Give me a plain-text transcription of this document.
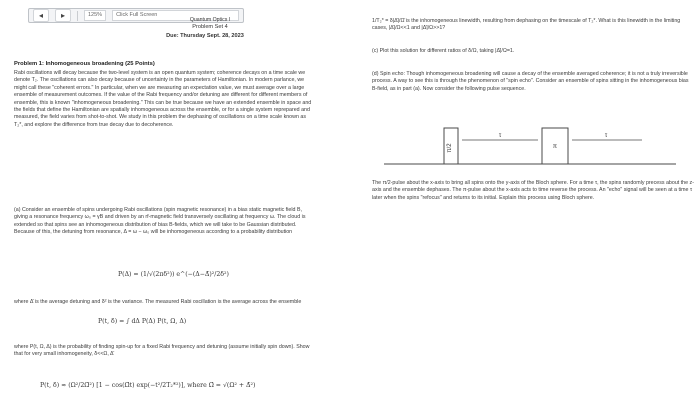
◂ ▸	125%	Click Full Screen
Quantum Optics I
Problem Set 4
Due: Thursday Sept. 28, 2023
Problem 1: Inhomogeneous broadening (25 Points)
Rabi oscillations will decay because the two-level system is an open quantum system; coherence decays on a time scale we denote T₂. The oscillations can also decay because of uncertainty in the parameters of Hamiltonian. In modern parlance, we might call these "coherent errors." In particular, when we are measuring an expectation value, we must average over a large ensemble of measurement outcomes. If the value of the Rabi frequency and/or detuning are different for different members of ensemble, this is known "inhomogeneous broadening." This can be true because we have an extended ensemble in space and the fields that define the Hamiltonian are spatially inhomogeneous across the ensemble, or for a single system reprepared and measured, the field varies from shot-to-shot. We study in this problem the dephasing of oscillations on a time scale known as T₂*, and explore the difference from true decay due to decoherence.
(a) Consider an ensemble of spins undergoing Rabi oscillations (spin magnetic resonance) in a bias static magnetic field B, giving a resonance frequency ω₀ = γB and driven by an rf-magnetic field transversely oscillating at frequency ω. The cloud is extended so that spins see an inhomogeneous distribution of bias B-fields, which we will take to be Gaussian distributed. Because of this, the detuning from resonance, Δ = ω − ω₀ will be inhomogeneous according to a probability distribution
P(Δ) = (1/√(2πδ²)) e^(−(Δ−Δ̄)²/2δ²)
where Δ̄ is the average detuning and δ² is the variance. The measured Rabi oscillation is the average across the ensemble
P(t, δ) = ∫ dΔ P(Δ) P(t, Ω, Δ)
where P(t, Ω, Δ) is the probability of finding spin-up for a fixed Rabi frequency and detuning (assume initially spin down). Show that for very small inhomogeneity, δ<<Ω, Δ̄
P(t, δ) ≈ (Ω²/2Ω̄²) [1 − cos(Ω̄t) exp(−t²/2T₂*²)], where Ω̄ = √(Ω² + Δ̄²)
1/T₂* = δ|Δ̄|/Ω̄ is the inhomogeneous linewidth, resulting from dephasing on the timescale of T₂*. What is this linewidth in the limiting cases, |Δ̄|/Ω<<1 and |Δ̄|/Ω>>1?
(c) Plot this solution for different ratios of δ/Ω, taking |Δ̄|/Ω=1.
(d) Spin echo: Though inhomogeneous broadening will cause a decay of the ensemble averaged coherence; it is not a truly irreversible process. A way to see this is through the phenomenon of "spin echo". Consider an ensemble of spins sitting in the inhomogeneous bias B-field, as in part (a). Now consider the following pulse sequence.
π/2
τ
π
τ
The π/2-pulse about the x-axis to bring all spins onto the y-axis of the Bloch sphere. For a time τ, the spins randomly precess about the z-axis and the ensemble dephases. The π-pulse about the x-axis acts to time reverse the process. An "echo" signal will be seen at a time τ later when the spins "refocus" and returns to its initial. Explain this process using Bloch sphere.
